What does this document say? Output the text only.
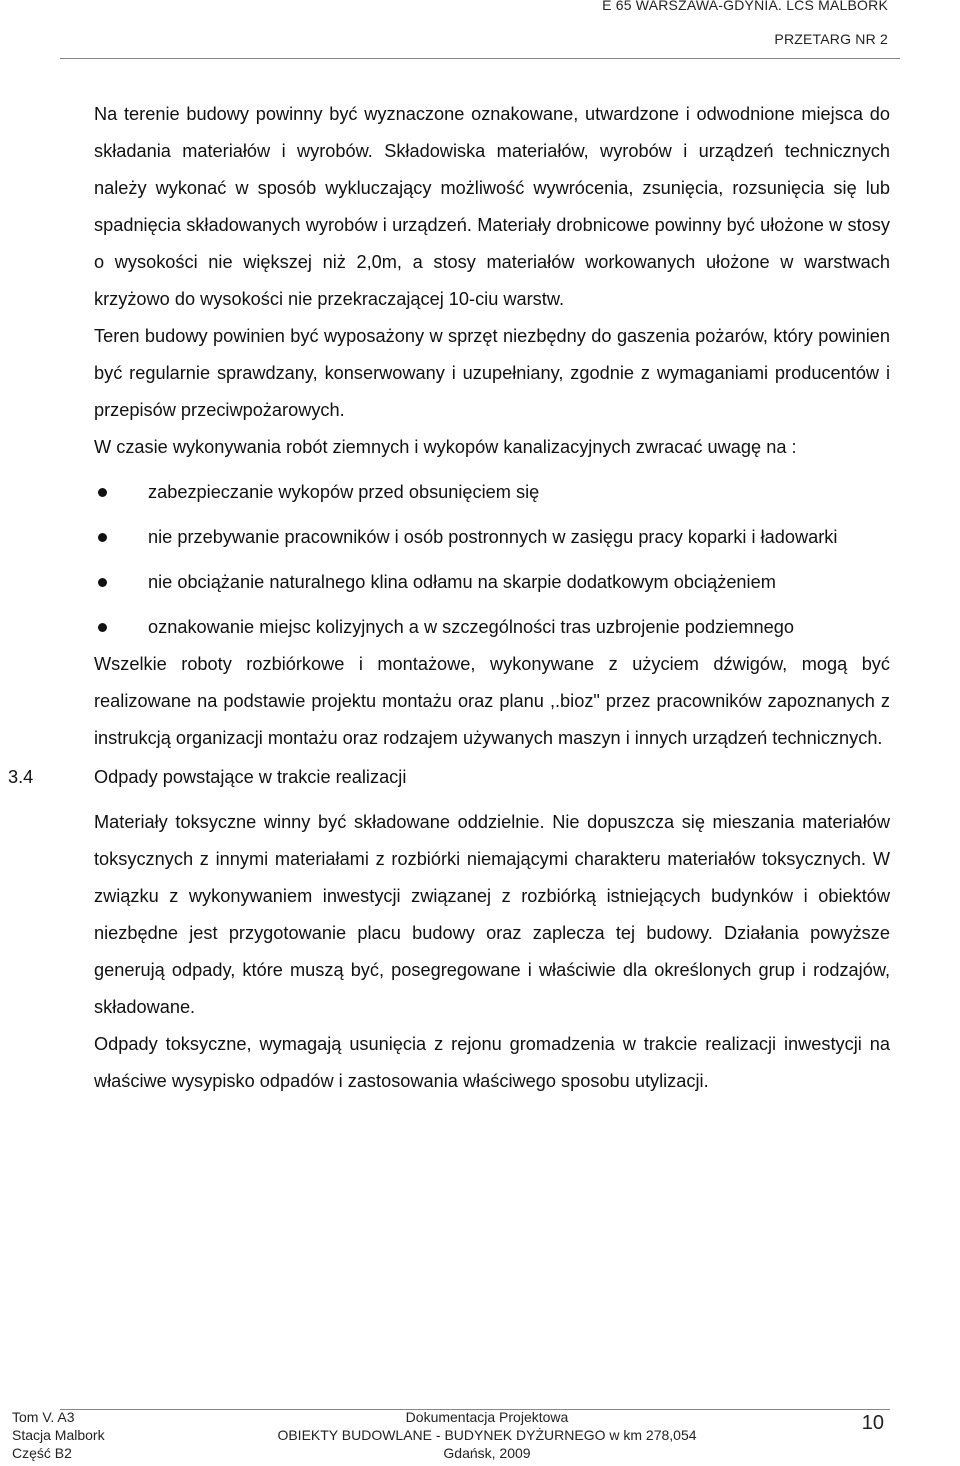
E 65 WARSZAWA-GDYNIA. LCS MALBORK
PRZETARG NR 2

Na terenie budowy powinny być wyznaczone oznakowane, utwardzone i odwodnione miejsca do składania materiałów i wyrobów. Składowiska materiałów, wyrobów i urządzeń technicznych należy wykonać w sposób wykluczający możliwość wywrócenia, zsunięcia, rozsunięcia się lub spadnięcia składowanych wyrobów i urządzeń. Materiały drobnicowe powinny być ułożone w stosy o wysokości nie większej niż 2,0m, a stosy materiałów workowanych ułożone w warstwach krzyżowo do wysokości nie przekraczającej 10-ciu warstw.

Teren budowy powinien być wyposażony w sprzęt niezbędny do gaszenia pożarów, który powinien być regularnie sprawdzany, konserwowany i uzupełniany, zgodnie z wymaganiami producentów i przepisów przeciwpożarowych.

W czasie wykonywania robót ziemnych i wykopów kanalizacyjnych zwracać uwagę na :

zabezpieczanie wykopów przed obsunięciem się
nie przebywanie pracowników i osób postronnych w zasięgu pracy koparki i ładowarki
nie obciążanie naturalnego klina odłamu na skarpie dodatkowym obciążeniem
oznakowanie miejsc kolizyjnych a w szczególności tras uzbrojenie podziemnego

Wszelkie roboty rozbiórkowe i montażowe, wykonywane z użyciem dźwigów, mogą być realizowane na podstawie projektu montażu oraz planu ,.bioz" przez pracowników zapoznanych z instrukcją organizacji montażu oraz rodzajem używanych maszyn i innych urządzeń technicznych.

3.4	Odpady powstające w trakcie realizacji

Materiały toksyczne winny być składowane oddzielnie. Nie dopuszcza się mieszania materiałów toksycznych z innymi materiałami z rozbiórki niemającymi charakteru materiałów toksycznych. W związku z wykonywaniem inwestycji związanej z rozbiórką istniejących budynków i obiektów niezbędne jest przygotowanie placu budowy oraz zaplecza tej budowy. Działania powyższe generują odpady, które muszą być, posegregowane i właściwie dla określonych grup i rodzajów, składowane.

Odpady toksyczne, wymagają usunięcia z rejonu gromadzenia w trakcie realizacji inwestycji na właściwe wysypisko odpadów i zastosowania właściwego sposobu utylizacji.

Tom V. A3
Stacja Malbork
Część B2
Dokumentacja Projektowa
OBIEKTY BUDOWLANE - BUDYNEK DYŻURNEGO w km 278,054
Gdańsk, 2009
10
